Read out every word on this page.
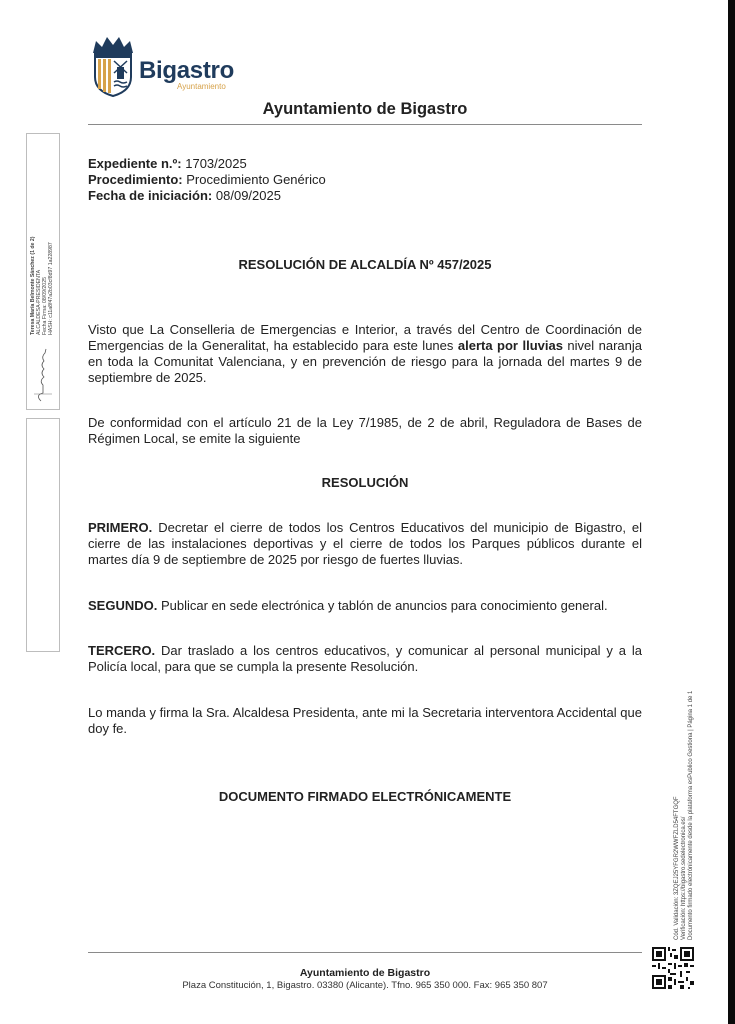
Bigastro
Ayuntamiento
Ayuntamiento de Bigastro
Expediente n.º: 1703/2025
Procedimiento: Procedimiento Genérico
Fecha de iniciación: 08/09/2025
RESOLUCIÓN DE ALCALDÍA Nº 457/2025
Visto que La Conselleria de Emergencias e Interior, a través del Centro de Coordinación de Emergencias de la Generalitat, ha establecido para este lunes alerta por lluvias nivel naranja en toda la Comunitat Valenciana, y en prevención de riesgo para la jornada del martes 9 de septiembre de 2025.
De conformidad con el artículo 21 de la Ley 7/1985, de 2 de abril, Reguladora de Bases de Régimen Local, se emite la siguiente
RESOLUCIÓN
PRIMERO. Decretar el cierre de todos los Centros Educativos del municipio de Bigastro, el cierre de las instalaciones deportivas y el cierre de todos los Parques públicos durante el martes día 9 de septiembre de 2025 por riesgo de fuertes lluvias.
SEGUNDO. Publicar en sede electrónica y tablón de anuncios para conocimiento general.
TERCERO. Dar traslado a los centros educativos, y comunicar al personal municipal y a la Policía local, para que se cumpla la presente Resolución.
Lo manda y firma la Sra. Alcaldesa Presidenta, ante mi la Secretaria interventora Accidental que doy fe.
DOCUMENTO FIRMADO ELECTRÓNICAMENTE
Ayuntamiento de Bigastro
Plaza Constitución, 1, Bigastro. 03380 (Alicante). Tfno. 965 350 000. Fax: 965 350 807
Teresa María Belmonte Sánchez (1 de 2) ALCALDESA-PRESIDENTA Fecha Firma: 08/09/2025 HASH: c11a8f47a2b03cf8d97 1a228987
Cód. Validación: 3ZQEJ25YFGR2WWFZLD54FTGQF Verificación: https://bigastro.sedelectronica.es/ Documento firmado electrónicamente desde la plataforma esPublico Gestiona | Página 1 de 1
